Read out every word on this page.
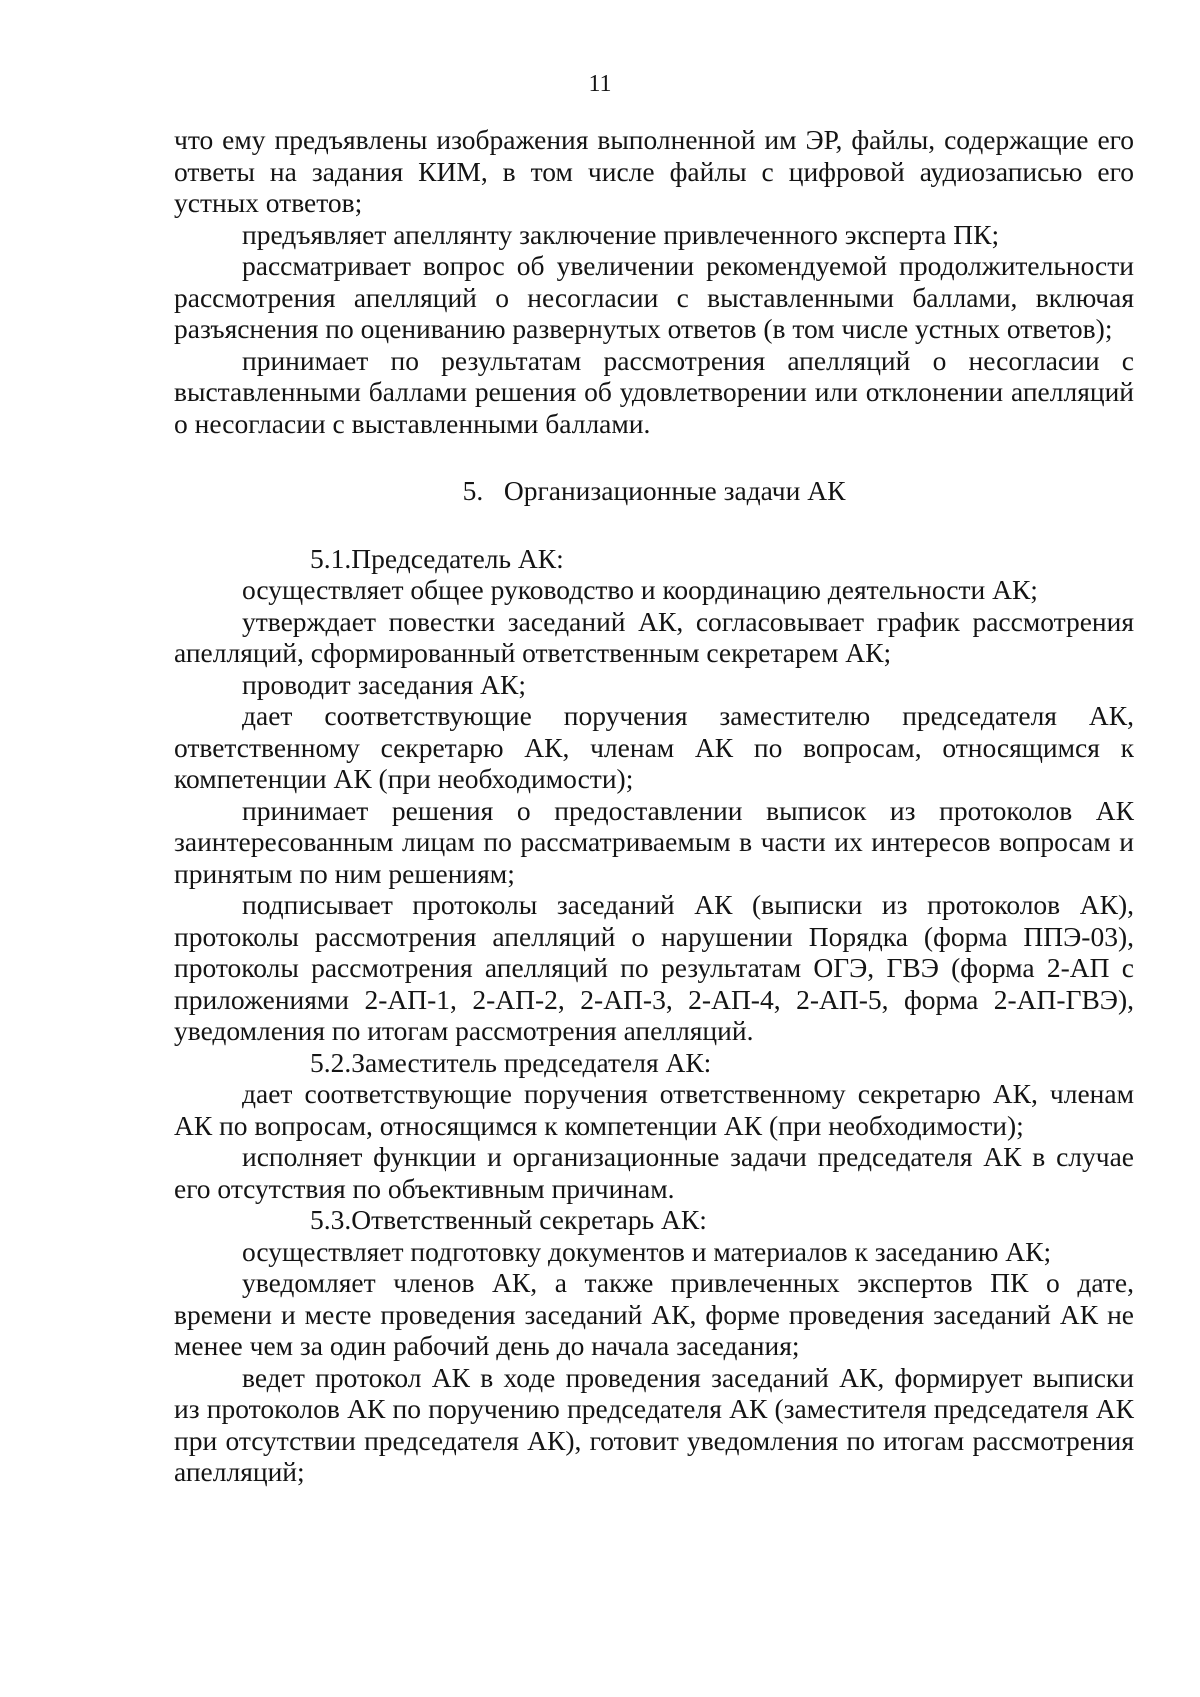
11

что ему предъявлены изображения выполненной им ЭР, файлы, содержащие его ответы на задания КИМ, в том числе файлы с цифровой аудиозаписью его устных ответов;

предъявляет апеллянту заключение привлеченного эксперта ПК;

рассматривает вопрос об увеличении рекомендуемой продолжительности рассмотрения апелляций о несогласии с выставленными баллами, включая разъяснения по оцениванию развернутых ответов (в том числе устных ответов);

принимает по результатам рассмотрения апелляций о несогласии с выставленными баллами решения об удовлетворении или отклонении апелляций о несогласии с выставленными баллами.

5. Организационные задачи АК

5.1.Председатель АК:

осуществляет общее руководство и координацию деятельности АК;

утверждает повестки заседаний АК, согласовывает график рассмотрения апелляций, сформированный ответственным секретарем АК;

проводит заседания АК;

дает соответствующие поручения заместителю председателя АК, ответственному секретарю АК, членам АК по вопросам, относящимся к компетенции АК (при необходимости);

принимает решения о предоставлении выписок из протоколов АК заинтересованным лицам по рассматриваемым в части их интересов вопросам и принятым по ним решениям;

подписывает протоколы заседаний АК (выписки из протоколов АК), протоколы рассмотрения апелляций о нарушении Порядка (форма ППЭ-03), протоколы рассмотрения апелляций по результатам ОГЭ, ГВЭ (форма 2-АП с приложениями 2-АП-1, 2-АП-2, 2-АП-3, 2-АП-4, 2-АП-5, форма 2-АП-ГВЭ), уведомления по итогам рассмотрения апелляций.

5.2.Заместитель председателя АК:

дает соответствующие поручения ответственному секретарю АК, членам АК по вопросам, относящимся к компетенции АК (при необходимости);

исполняет функции и организационные задачи председателя АК в случае его отсутствия по объективным причинам.

5.3.Ответственный секретарь АК:

осуществляет подготовку документов и материалов к заседанию АК;

уведомляет членов АК, а также привлеченных экспертов ПК о дате, времени и месте проведения заседаний АК, форме проведения заседаний АК не менее чем за один рабочий день до начала заседания;

ведет протокол АК в ходе проведения заседаний АК, формирует выписки из протоколов АК по поручению председателя АК (заместителя председателя АК при отсутствии председателя АК), готовит уведомления по итогам рассмотрения апелляций;
